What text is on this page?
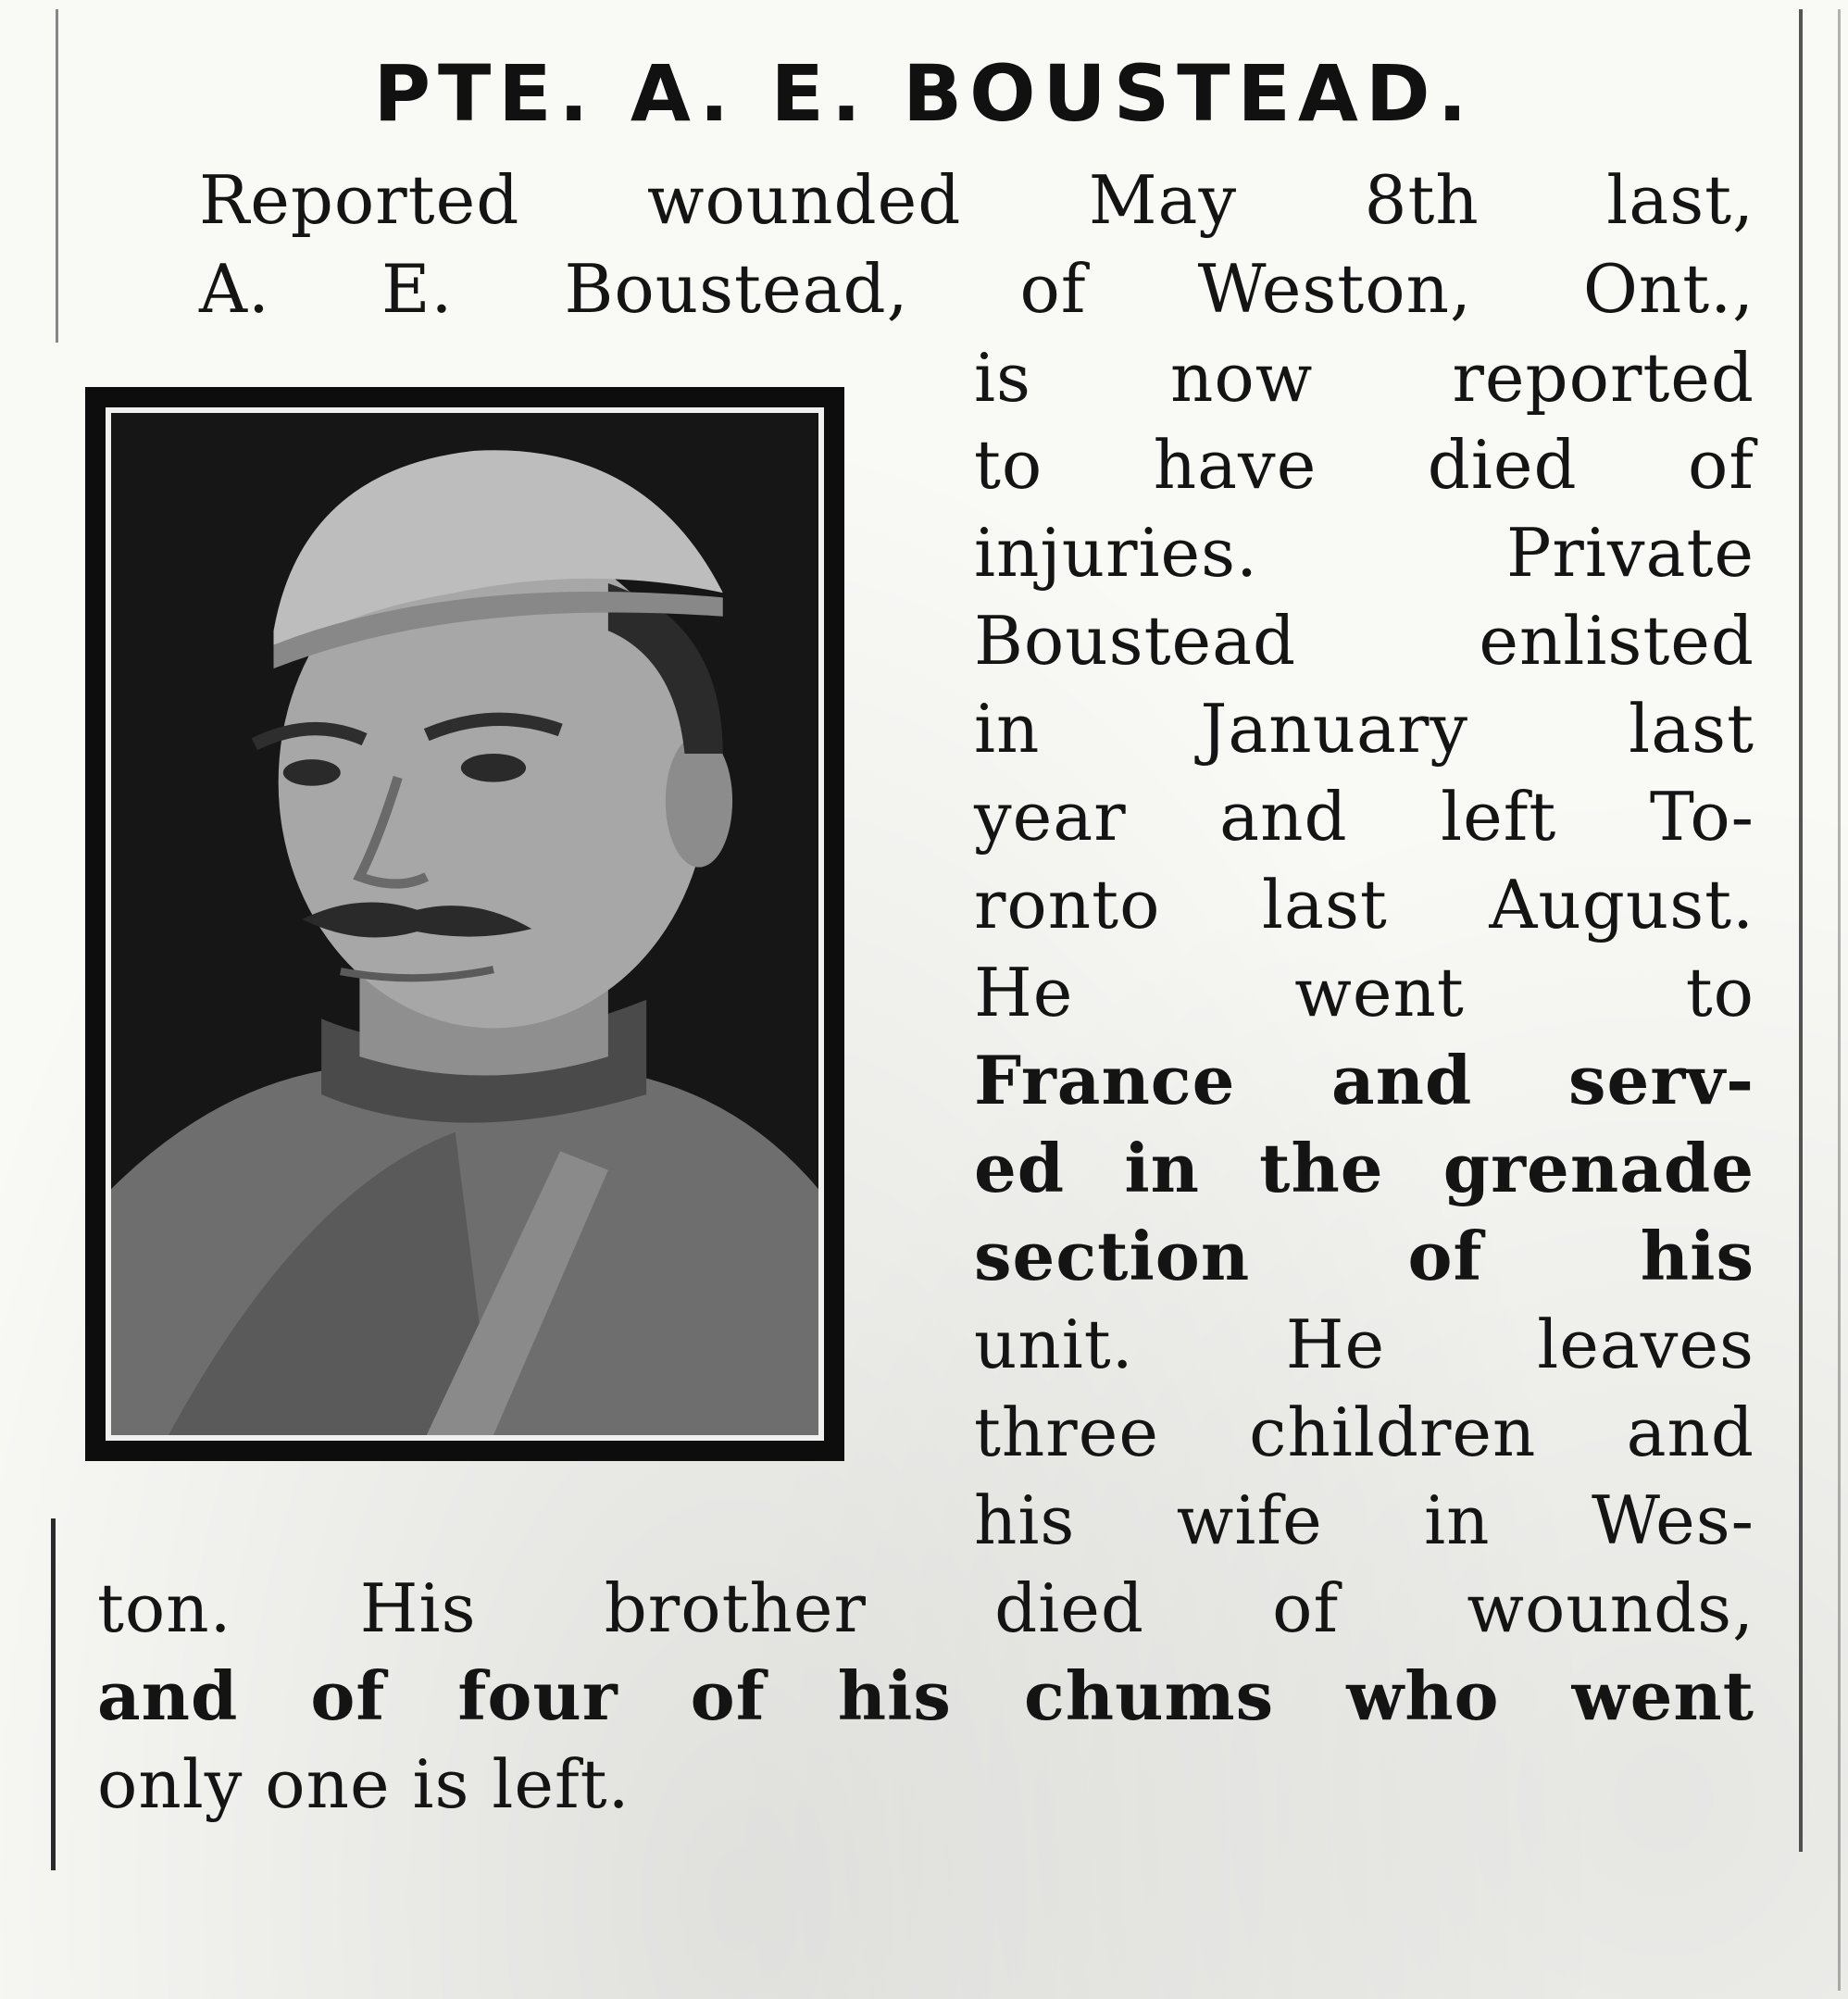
PTE. A. E. BOUSTEAD.
Reported wounded May 8th last,
A. E. Boustead, of Weston, Ont.,
is now reported
to have died of
injuries. Private
Boustead enlisted
in January last
year and left To-
ronto last August.
He went to
France and serv-
ed in the grenade
section of his
unit. He leaves
three children and
his wife in Wes-
ton. His brother died of wounds,
and of four of his chums who went
only one is left.
